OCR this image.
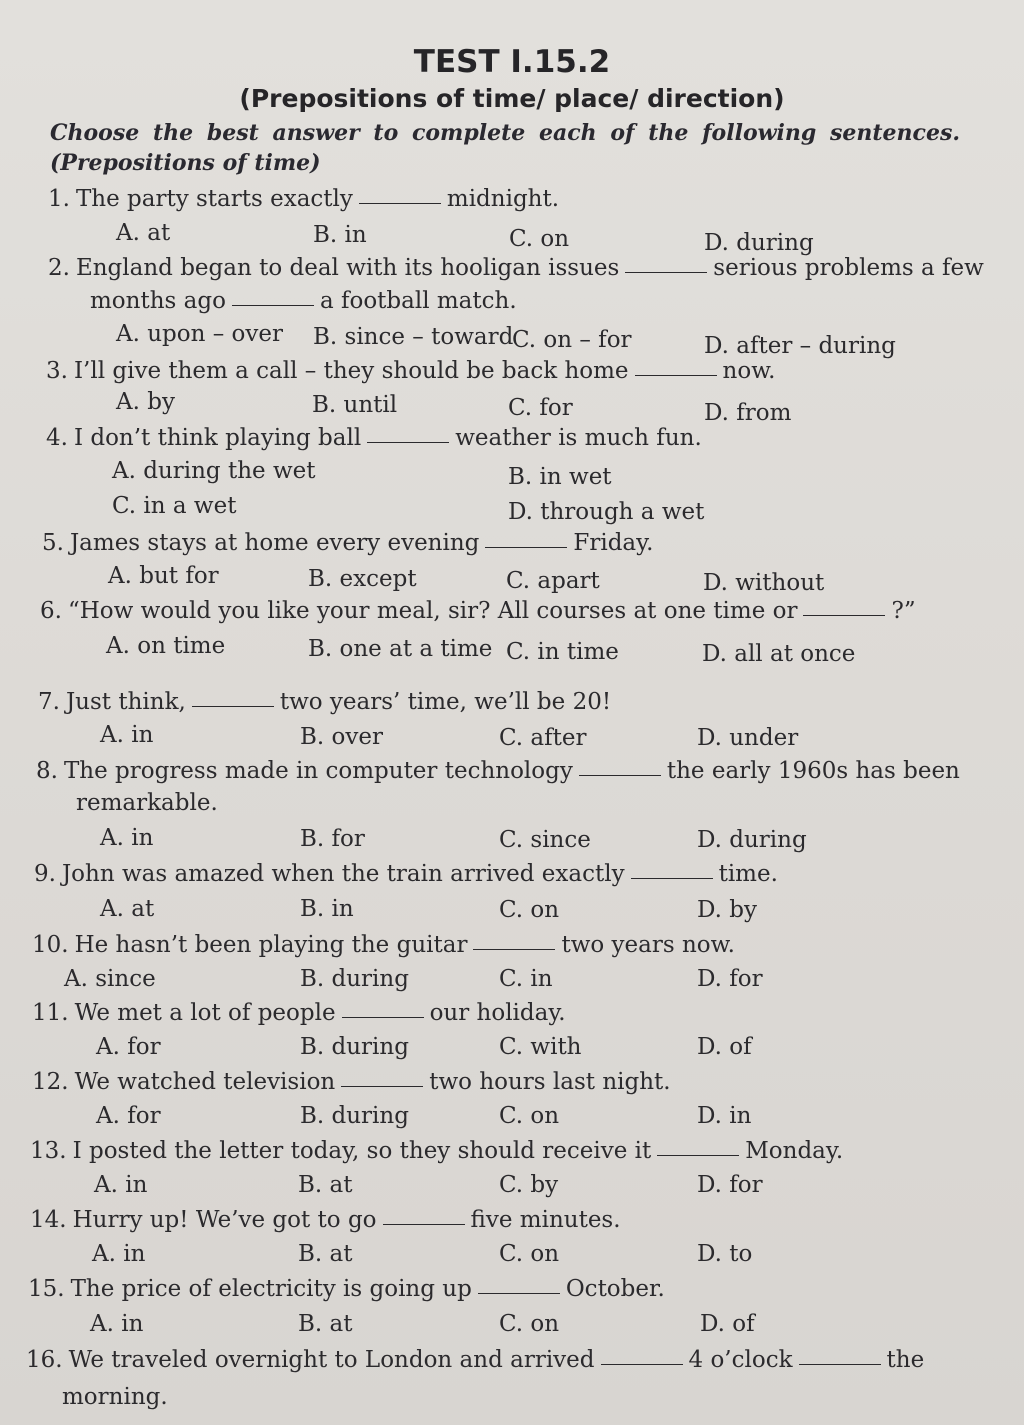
TEST I.15.2
(Prepositions of time/ place/ direction)
Choose the best answer to complete each of the following sentences.
(Prepositions of time)
1. The party starts exactly	midnight.
A. at	B. in	C. on	D. during
2. England began to deal with its hooligan issues	serious problems a few
months ago	a football match.
A. upon – over B. since – toward
C. on – for	D. after – during
3. I’ll give them a call – they should be back home	now.
A. by	B. until	C. for	D. from
4. I don’t think playing ball	weather is much fun.
A. during the wet	B. in wet
C. in a wet	D. through a wet
5. James stays at home every evening	Friday.
A. but for	B. except	C. apart	D. without
6. “How would you like your meal, sir? All courses at one time or	?”
A. on time	B. one at a time C. in time	D. all at once
7. Just think,	two years’ time, we’ll be 20!
A. in	B. over	C. after	D. under
8. The progress made in computer technology	the early 1960s has been
remarkable.
A. in	B. for	C. since	D. during
9. John was amazed when the train arrived exactly	time.
A. at	B. in	C. on	D. by
10. He hasn’t been playing the guitar	two years now.
A. since	B. during	C. in	D. for
11. We met a lot of people	our holiday.
A. for	B. during	C. with	D. of
12. We watched television	two hours last night.
A. for	B. during	C. on	D. in
13. I posted the letter today, so they should receive it	Monday.
A. in	B. at	C. by	D. for
14. Hurry up! We’ve got to go	five minutes.
A. in	B. at	C. on	D. to
15. The price of electricity is going up	October.
A. in	B. at	C. on	D. of
16. We traveled overnight to London and arrived	4 o’clock	the
morning.
